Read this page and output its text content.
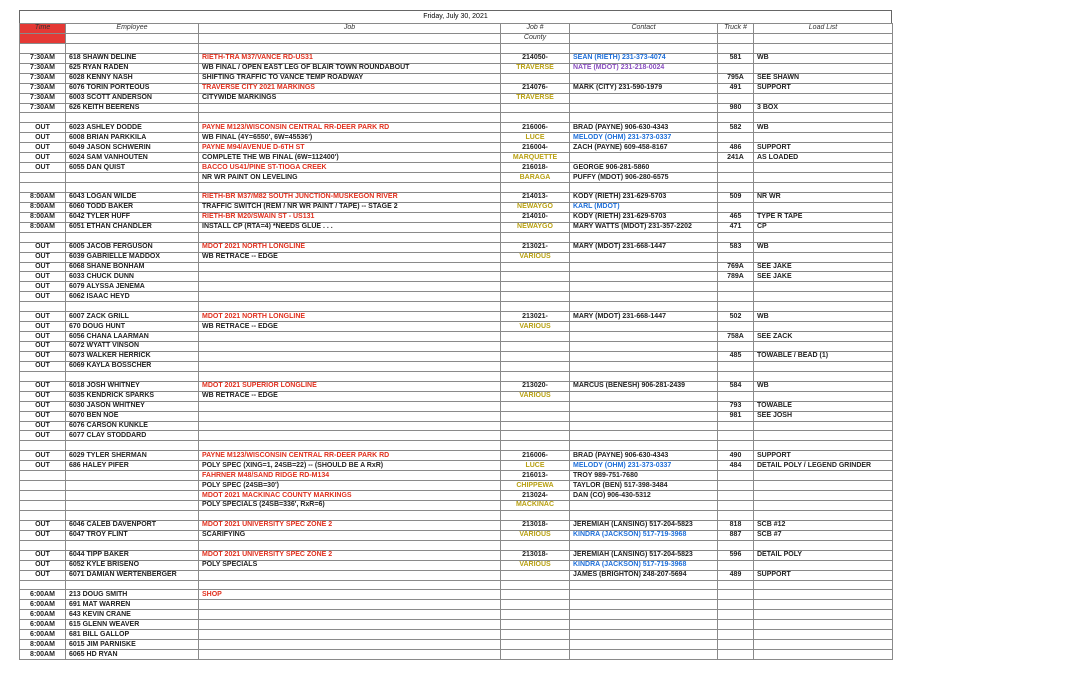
Friday, July 30, 2021
Time	Employee	Job	Job #	Contact	Truck #	Load List
			County			

7:30AM	618 SHAWN DELINE	RIETH-TRA M37/VANCE RD-US31	214050-	SEAN (RIETH) 231-373-4074	581	WB
7:30AM	625 RYAN RADEN	WB FINAL / OPEN EAST LEG OF BLAIR TOWN ROUNDABOUT	TRAVERSE	NATE (MDOT) 231-218-0024		
7:30AM	6028 KENNY NASH	SHIFTING TRAFFIC TO VANCE TEMP ROADWAY			795A	SEE SHAWN
7:30AM	6076 TORIN PORTEOUS	TRAVERSE CITY 2021 MARKINGS	214076-	MARK (CITY) 231-590-1979	491	SUPPORT
7:30AM	6003 SCOTT ANDERSON	CITYWIDE MARKINGS	TRAVERSE			
7:30AM	626 KEITH BEERENS				980	3 BOX

OUT	6023 ASHLEY DODDE	PAYNE M123/WISCONSIN CENTRAL RR-DEER PARK RD	216006-	BRAD (PAYNE) 906-630-4343	582	WB
OUT	6008 BRIAN PARKKILA	WB FINAL (4Y=6550', 6W=45536')	LUCE	MELODY (OHM) 231-373-0337		
OUT	6049 JASON SCHWERIN	PAYNE M94/AVENUE D-6TH ST	216004-	ZACH (PAYNE) 609-458-8167	486	SUPPORT
OUT	6024 SAM VANHOUTEN	COMPLETE THE WB FINAL (6W=112400')	MARQUETTE		241A	AS LOADED
OUT	6055 DAN QUIST	BACCO US41/PINE ST-TIOGA CREEK	216018-	GEORGE 906-281-5860		
		NR WR PAINT ON LEVELING	BARAGA	PUFFY (MDOT) 906-280-6575		

8:00AM	6043 LOGAN WILDE	RIETH-BR M37/M82 SOUTH JUNCTION-MUSKEGON RIVER	214013-	KODY (RIETH) 231-629-5703	509	NR WR
8:00AM	6060 TODD BAKER	TRAFFIC SWITCH (REM / NR WR PAINT / TAPE) -- STAGE 2	NEWAYGO	KARL (MDOT)		
8:00AM	6042 TYLER HUFF	RIETH-BR M20/SWAIN ST - US131	214010-	KODY (RIETH) 231-629-5703	465	TYPE R TAPE
8:00AM	6051 ETHAN CHANDLER	INSTALL CP (RTA=4) *NEEDS GLUE . . .	NEWAYGO	MARY WATTS (MDOT) 231-357-2202	471	CP

OUT	6005 JACOB FERGUSON	MDOT 2021 NORTH LONGLINE	213021-	MARY (MDOT) 231-668-1447	583	WB
OUT	6039 GABRIELLE MADDOX	WB RETRACE -- EDGE	VARIOUS			
OUT	6068 SHANE BONHAM				769A	SEE JAKE
OUT	6033 CHUCK DUNN				789A	SEE JAKE
OUT	6079 ALYSSA JENEMA					
OUT	6062 ISAAC HEYD					

OUT	6007 ZACK GRILL	MDOT 2021 NORTH LONGLINE	213021-	MARY (MDOT) 231-668-1447	502	WB
OUT	670 DOUG HUNT	WB RETRACE -- EDGE	VARIOUS			
OUT	6056 CHANA LAARMAN				758A	SEE ZACK
OUT	6072 WYATT VINSON					
OUT	6073 WALKER HERRICK				485	TOWABLE / BEAD (1)
OUT	6069 KAYLA BOSSCHER					

OUT	6018 JOSH WHITNEY	MDOT 2021 SUPERIOR LONGLINE	213020-	MARCUS (BENESH) 906-281-2439	584	WB
OUT	6035 KENDRICK SPARKS	WB RETRACE -- EDGE	VARIOUS			
OUT	6030 JASON WHITNEY				793	TOWABLE
OUT	6070 BEN NOE				981	SEE JOSH
OUT	6076 CARSON KUNKLE					
OUT	6077 CLAY STODDARD					

OUT	6029 TYLER SHERMAN	PAYNE M123/WISCONSIN CENTRAL RR-DEER PARK RD	216006-	BRAD (PAYNE) 906-630-4343	490	SUPPORT
OUT	686 HALEY PIFER	POLY SPEC (XING=1, 24SB=22) -- (SHOULD BE A RxR)	LUCE	MELODY (OHM) 231-373-0337	484	DETAIL POLY / LEGEND GRINDER
		FAHRNER M48/SAND RIDGE RD-M134	216013-	TROY 989-751-7680		
		POLY SPEC (24SB=30')	CHIPPEWA	TAYLOR (BEN) 517-398-3484		
		MDOT 2021 MACKINAC COUNTY MARKINGS	213024-	DAN (CO) 906-430-5312		
		POLY SPECIALS (24SB=336', RxR=6)	MACKINAC			

OUT	6046 CALEB DAVENPORT	MDOT 2021 UNIVERSITY SPEC ZONE 2	213018-	JEREMIAH (LANSING) 517-204-5823	818	SCB #12
OUT	6047 TROY FLINT	SCARIFYING	VARIOUS	KINDRA (JACKSON) 517-719-3968	887	SCB #7

OUT	6044 TIPP BAKER	MDOT 2021 UNIVERSITY SPEC ZONE 2	213018-	JEREMIAH (LANSING) 517-204-5823	596	DETAIL POLY
OUT	6052 KYLE BRISENO	POLY SPECIALS	VARIOUS	KINDRA (JACKSON) 517-719-3968		
OUT	6071 DAMIAN WERTENBERGER			JAMES (BRIGHTON) 248-207-5694	489	SUPPORT

6:00AM	213 DOUG SMITH	SHOP				
6:00AM	691 MAT WARREN					
6:00AM	643 KEVIN CRANE					
6:00AM	615 GLENN WEAVER					
6:00AM	681 BILL GALLOP					
8:00AM	6015 JIM PARNISKE					
8:00AM	6065 HD RYAN					
